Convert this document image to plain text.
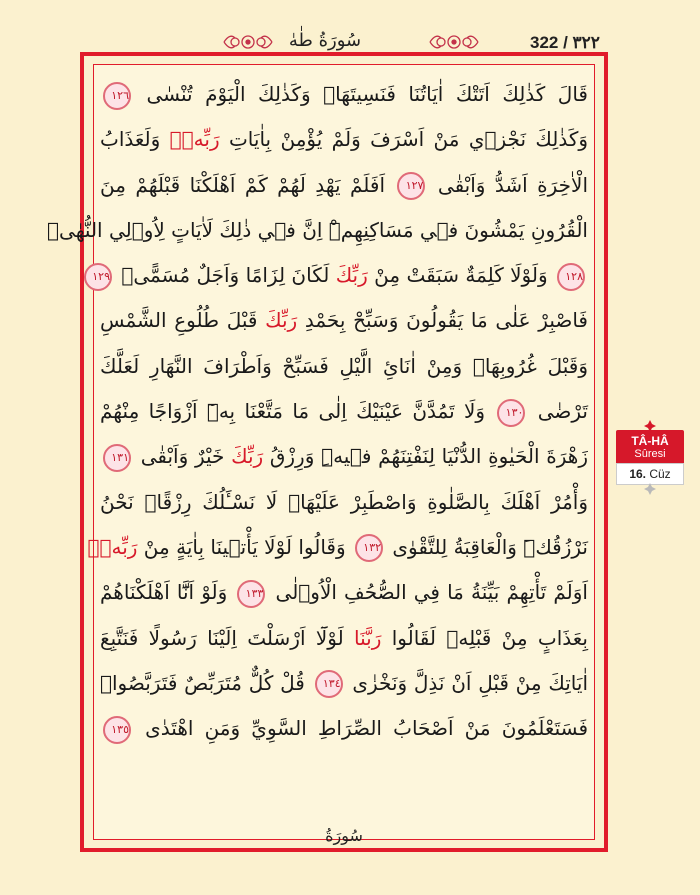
سُورَةُ طٰهٰ	322 / ٣٢٢
قَالَ كَذٰلِكَ اَتَتْكَ اٰيَاتُنَا فَنَسِيتَهَاۚ وَكَذٰلِكَ الْيَوْمَ تُنْسٰى ١٢٦
وَكَذٰلِكَ نَجْز۪ي مَنْ اَسْرَفَ وَلَمْ يُؤْمِنْ بِاٰيَاتِ رَبِّه۪ۜ وَلَعَذَابُ
الْاٰخِرَةِ اَشَدُّ وَاَبْقٰى ١٢٧ اَفَلَمْ يَهْدِ لَهُمْ كَمْ اَهْلَكْنَا قَبْلَهُمْ مِنَ
الْقُرُونِ يَمْشُونَ ف۪ي مَسَاكِنِهِمْۜ اِنَّ ف۪ي ذٰلِكَ لَاٰيَاتٍ لِاُو۬لِي النُّهٰىۛ
١٢٨ وَلَوْلَا كَلِمَةٌ سَبَقَتْ مِنْ رَبِّكَ لَكَانَ لِزَامًا وَاَجَلٌ مُسَمًّىۜ ١٢٩
فَاصْبِرْ عَلٰى مَا يَقُولُونَ وَسَبِّحْ بِحَمْدِ رَبِّكَ قَبْلَ طُلُوعِ الشَّمْسِ
وَقَبْلَ غُرُوبِهَاۚ وَمِنْ اٰنَائِ الَّيْلِ فَسَبِّحْ وَاَطْرَافَ النَّهَارِ لَعَلَّكَ
تَرْضٰى ١٣٠ وَلَا تَمُدَّنَّ عَيْنَيْكَ اِلٰى مَا مَتَّعْنَا بِه۪ٓ اَزْوَاجًا مِنْهُمْ
زَهْرَةَ الْحَيٰوةِ الدُّنْيَا لِنَفْتِنَهُمْ ف۪يهِۜ وَرِزْقُ رَبِّكَ خَيْرٌ وَاَبْقٰى ١٣١
وَأْمُرْ اَهْلَكَ بِالصَّلٰوةِ وَاصْطَبِرْ عَلَيْهَاۜ لَا نَسْـَٔلُكَ رِزْقًاۜ نَحْنُ
نَرْزُقُكَۜ وَالْعَاقِبَةُ لِلتَّقْوٰى ١٣٢ وَقَالُوا لَوْلَا يَأْت۪ينَا بِاٰيَةٍ مِنْ رَبِّه۪ۜ
اَوَلَمْ تَأْتِهِمْ بَيِّنَةُ مَا فِي الصُّحُفِ الْاُو۫لٰى ١٣٣ وَلَوْ اَنَّٓا اَهْلَكْنَاهُمْ
بِعَذَابٍ مِنْ قَبْلِه۪ لَقَالُوا رَبَّنَا لَوْلَٓا اَرْسَلْتَ اِلَيْنَا رَسُولًا فَنَتَّبِعَ
اٰيَاتِكَ مِنْ قَبْلِ اَنْ نَذِلَّ وَنَخْزٰى ١٣٤ قُلْ كُلٌّ مُتَرَبِّصٌ فَتَرَبَّصُواۚ
فَسَتَعْلَمُونَ مَنْ اَصْحَابُ الصِّرَاطِ السَّوِيِّ وَمَنِ اهْتَدٰى ١٣٥
سُورَةُ
TÂ-HÂ
Sûresi
16. Cüz
